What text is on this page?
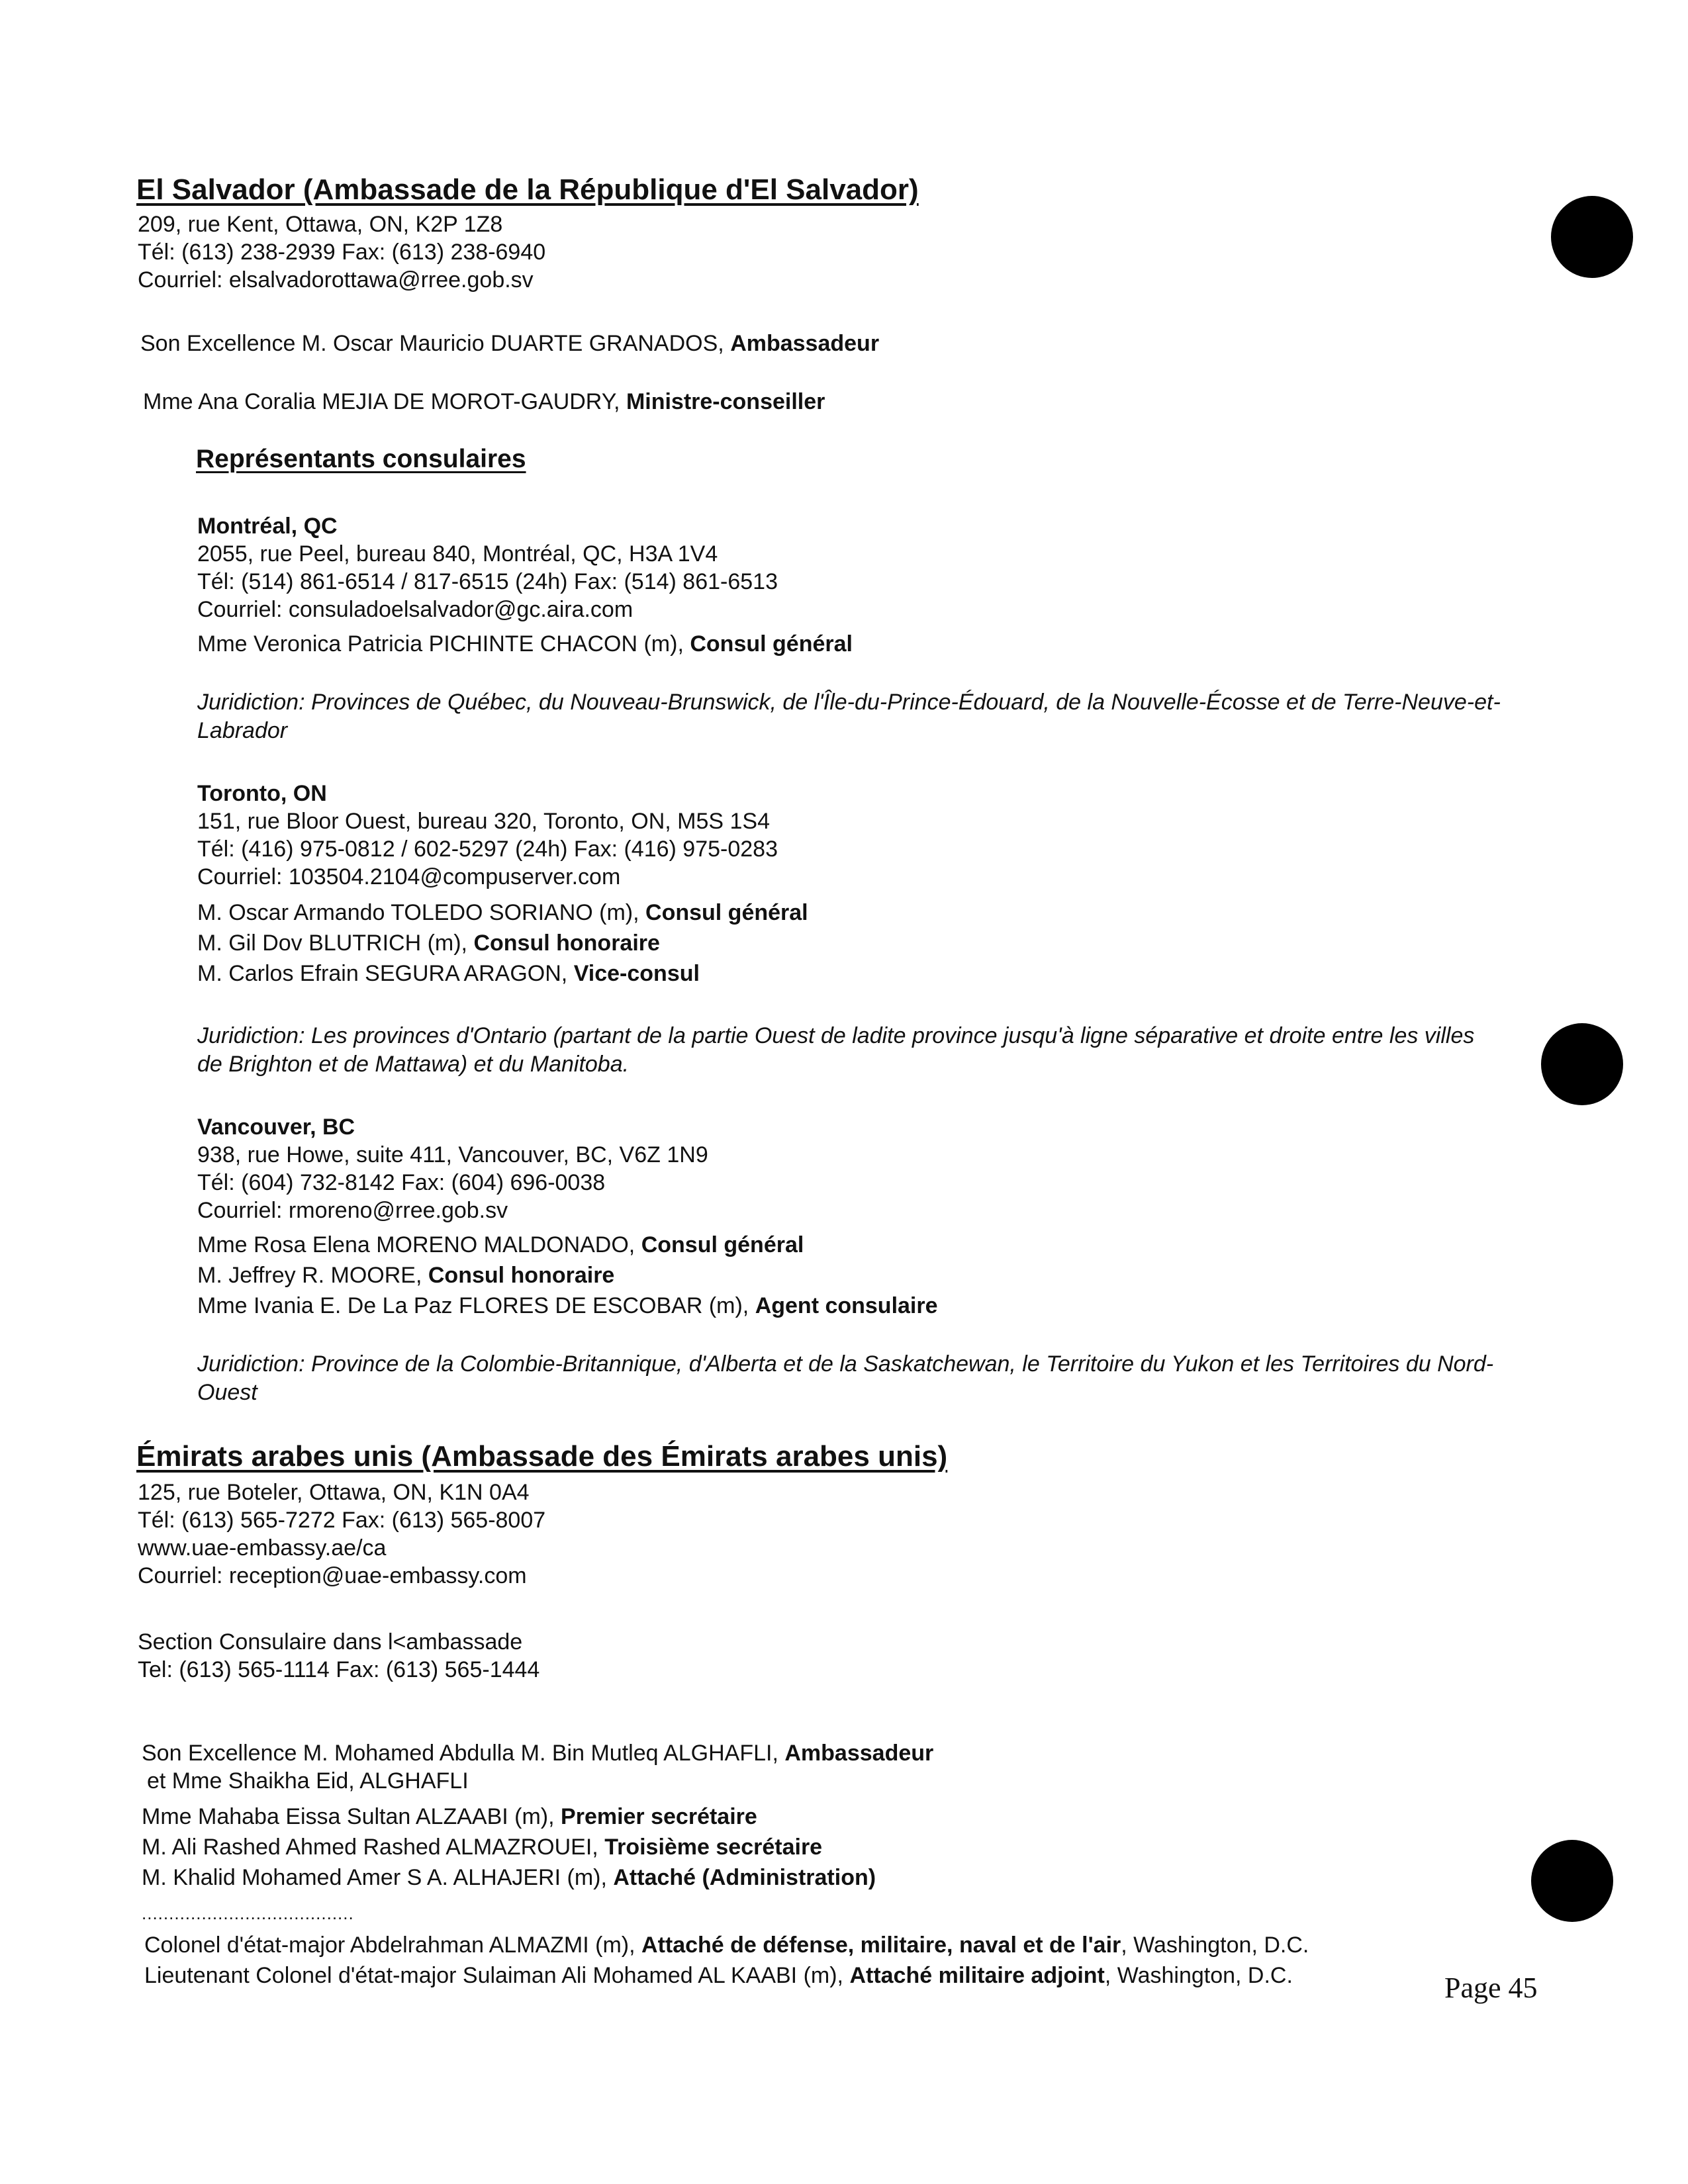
El Salvador (Ambassade de la République d'El Salvador)
209, rue Kent, Ottawa, ON, K2P 1Z8
Tél: (613) 238-2939 Fax: (613) 238-6940
Courriel: elsalvadorottawa@rree.gob.sv
Son Excellence M. Oscar Mauricio DUARTE GRANADOS, Ambassadeur
Mme Ana Coralia MEJIA DE MOROT-GAUDRY, Ministre-conseiller
Représentants consulaires
Montréal, QC
2055, rue Peel, bureau 840, Montréal, QC, H3A 1V4
Tél: (514) 861-6514 / 817-6515 (24h) Fax: (514) 861-6513
Courriel: consuladoelsalvador@gc.aira.com
Mme Veronica Patricia PICHINTE CHACON (m), Consul général
Juridiction: Provinces de Québec, du Nouveau-Brunswick, de l'Île-du-Prince-Édouard, de la Nouvelle-Écosse et de Terre-Neuve-et- Labrador
Toronto, ON
151, rue Bloor Ouest, bureau 320, Toronto, ON, M5S 1S4
Tél: (416) 975-0812 / 602-5297 (24h) Fax: (416) 975-0283
Courriel: 103504.2104@compuserver.com
M. Oscar Armando TOLEDO SORIANO (m), Consul général
M. Gil Dov BLUTRICH (m), Consul honoraire
M. Carlos Efrain SEGURA ARAGON, Vice-consul
Juridiction: Les provinces d'Ontario (partant de la partie Ouest de ladite province jusqu'à ligne séparative et droite entre les villes de Brighton et de Mattawa) et du Manitoba.
Vancouver, BC
938, rue Howe, suite 411, Vancouver, BC, V6Z 1N9
Tél: (604) 732-8142 Fax: (604) 696-0038
Courriel: rmoreno@rree.gob.sv
Mme Rosa Elena MORENO MALDONADO, Consul général
M. Jeffrey R. MOORE, Consul honoraire
Mme Ivania E. De La Paz FLORES DE ESCOBAR (m), Agent consulaire
Juridiction: Province de la Colombie-Britannique, d'Alberta et de la Saskatchewan, le Territoire du Yukon et les Territoires du Nord-Ouest
Émirats arabes unis (Ambassade des Émirats arabes unis)
125, rue Boteler, Ottawa, ON, K1N 0A4
Tél: (613) 565-7272 Fax: (613) 565-8007
www.uae-embassy.ae/ca
Courriel: reception@uae-embassy.com
Section Consulaire dans l<ambassade
Tel: (613) 565-1114 Fax: (613) 565-1444
Son Excellence M. Mohamed Abdulla M. Bin Mutleq ALGHAFLI, Ambassadeur
et Mme Shaikha Eid, ALGHAFLI
Mme Mahaba Eissa Sultan ALZAABI (m), Premier secrétaire
M. Ali Rashed Ahmed Rashed ALMAZROUEI, Troisième secrétaire
M. Khalid Mohamed Amer S A. ALHAJERI (m), Attaché (Administration)
.......................................
Colonel d'état-major Abdelrahman ALMAZMI (m), Attaché de défense, militaire, naval et de l'air, Washington, D.C.
Lieutenant Colonel d'état-major Sulaiman Ali Mohamed AL KAABI (m), Attaché militaire adjoint, Washington, D.C.	Page 45
